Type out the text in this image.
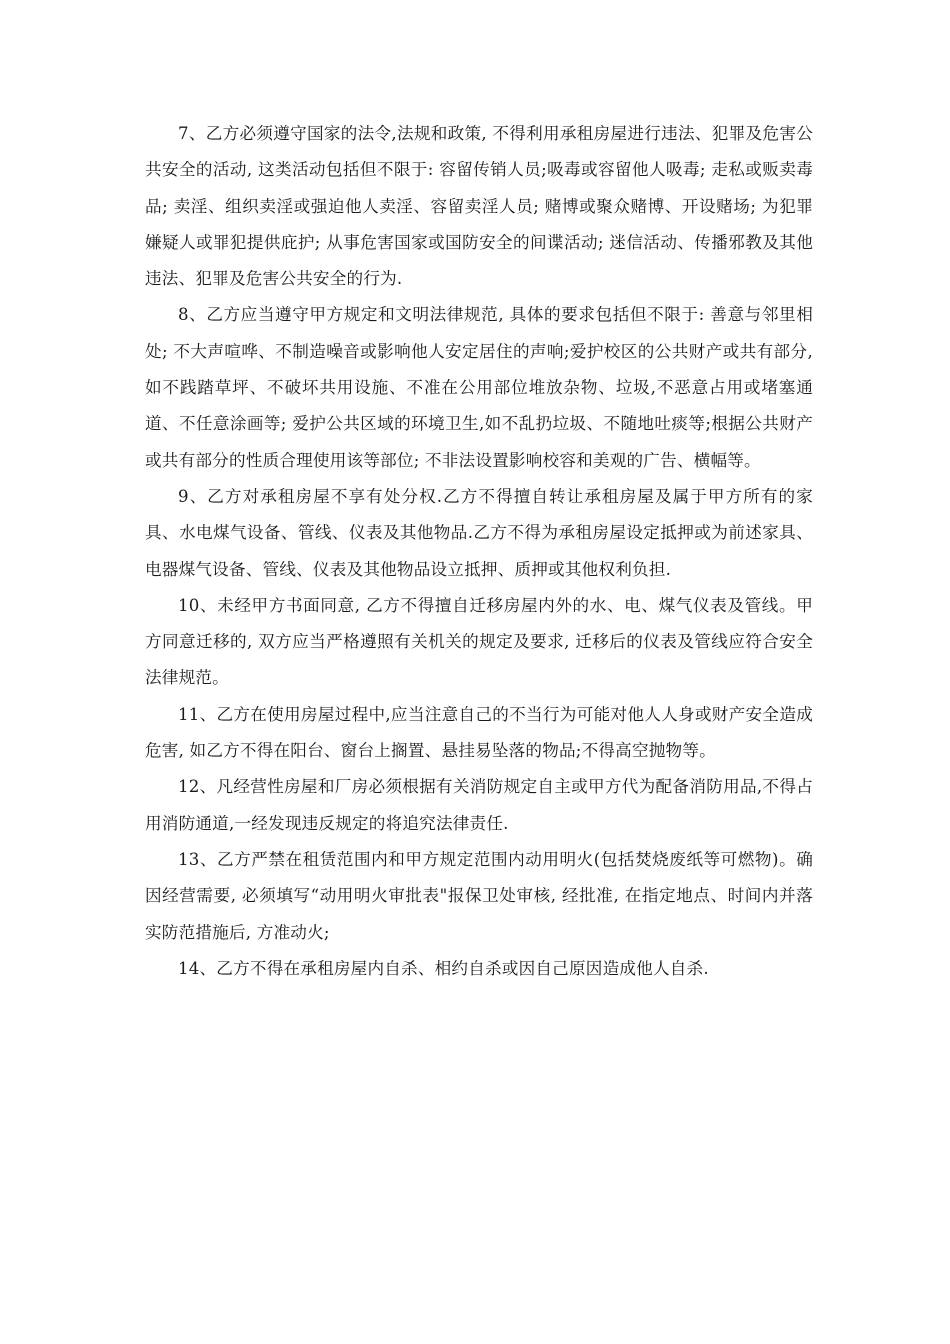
7、乙方必须遵守国家的法令,法规和政策, 不得利用承租房屋进行违法、犯罪及危害公共安全的活动, 这类活动包括但不限于: 容留传销人员;吸毒或容留他人吸毒; 走私或贩卖毒品; 卖淫、组织卖淫或强迫他人卖淫、容留卖淫人员; 赌博或聚众赌博、开设赌场; 为犯罪嫌疑人或罪犯提供庇护; 从事危害国家或国防安全的间谍活动; 迷信活动、传播邪教及其他违法、犯罪及危害公共安全的行为.

8、乙方应当遵守甲方规定和文明法律规范, 具体的要求包括但不限于: 善意与邻里相处; 不大声喧哗、不制造噪音或影响他人安定居住的声响;爱护校区的公共财产或共有部分,如不践踏草坪、不破坏共用设施、不准在公用部位堆放杂物、垃圾,不恶意占用或堵塞通道、不任意涂画等; 爱护公共区域的环境卫生,如不乱扔垃圾、不随地吐痰等;根据公共财产或共有部分的性质合理使用该等部位; 不非法设置影响校容和美观的广告、横幅等。

9、乙方对承租房屋不享有处分权.乙方不得擅自转让承租房屋及属于甲方所有的家具、水电煤气设备、管线、仪表及其他物品.乙方不得为承租房屋设定抵押或为前述家具、电器煤气设备、管线、仪表及其他物品设立抵押、质押或其他权利负担.

10、未经甲方书面同意, 乙方不得擅自迁移房屋内外的水、电、煤气仪表及管线。甲方同意迁移的, 双方应当严格遵照有关机关的规定及要求, 迁移后的仪表及管线应符合安全法律规范。

11、乙方在使用房屋过程中,应当注意自己的不当行为可能对他人人身或财产安全造成危害, 如乙方不得在阳台、窗台上搁置、悬挂易坠落的物品;不得高空抛物等。

12、凡经营性房屋和厂房必须根据有关消防规定自主或甲方代为配备消防用品,不得占用消防通道,一经发现违反规定的将追究法律责任.

13、乙方严禁在租赁范围内和甲方规定范围内动用明火(包括焚烧废纸等可燃物)。确因经营需要, 必须填写“动用明火审批表"报保卫处审核, 经批准, 在指定地点、时间内并落实防范措施后, 方准动火;

14、乙方不得在承租房屋内自杀、相约自杀或因自己原因造成他人自杀.
